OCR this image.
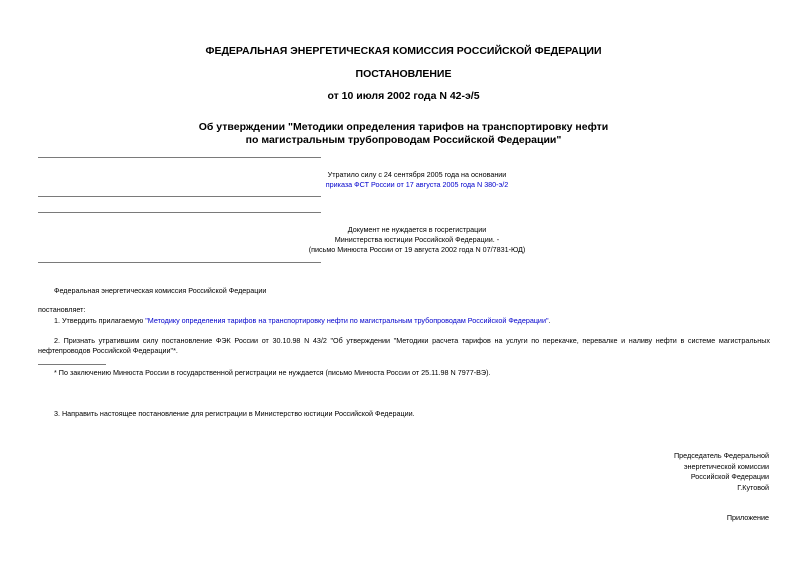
ФЕДЕРАЛЬНАЯ ЭНЕРГЕТИЧЕСКАЯ КОМИССИЯ РОССИЙСКОЙ ФЕДЕРАЦИИ
ПОСТАНОВЛЕНИЕ
от 10 июля 2002 года N 42-э/5
Об утверждении "Методики определения тарифов на транспортировку нефти
по магистральным трубопроводам Российской Федерации"
Утратило силу с 24 сентября 2005 года на основании
приказа ФСТ России от 17 августа 2005 года N 380-э/2
Документ не нуждается в госрегистрации
Министерства юстиции Российской Федерации. -
(письмо Минюста России от 19 августа 2002 года N 07/7831-ЮД)
Федеральная энергетическая комиссия Российской Федерации
постановляет:
1. Утвердить прилагаемую "Методику определения тарифов на транспортировку нефти по магистральным трубопроводам Российской Федерации".
2. Признать утратившим силу постановление ФЭК России от 30.10.98 N 43/2 "Об утверждении "Методики расчета тарифов на услуги по перекачке, перевалке и наливу нефти в системе магистральных нефтепроводов Российской Федерации"*.
* По заключению Минюста России в государственной регистрации не нуждается (письмо Минюста России от 25.11.98 N 7977-ВЭ).
3. Направить настоящее постановление для регистрации в Министерство юстиции Российской Федерации.
Председатель Федеральной
энергетической комиссии
Российской Федерации
Г.Кутовой
Приложение
